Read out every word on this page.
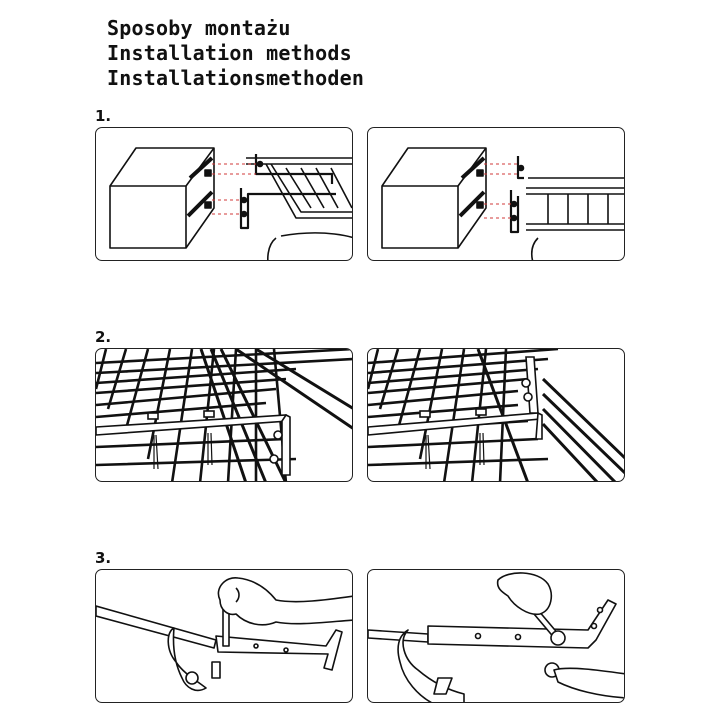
Sposoby montażu
Installation methods
Installationsmethoden
1.
2.
3.
